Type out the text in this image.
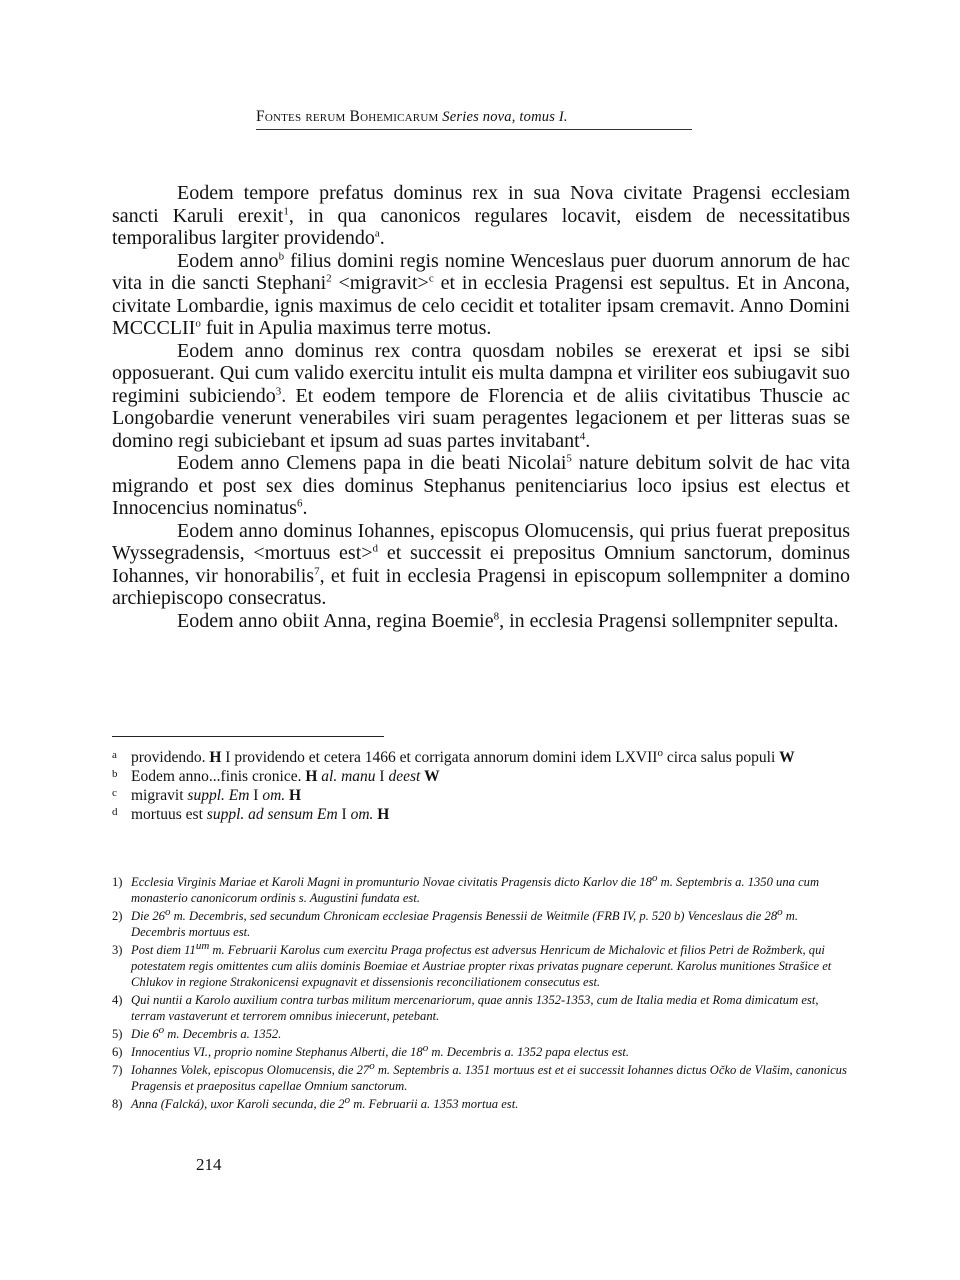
Fontes rerum Bohemicarum Series nova, tomus I.

Eodem tempore prefatus dominus rex in sua Nova civitate Pragensi ecclesiam sancti Karuli erexit$^1$, in qua canonicos regulares locavit, eisdem de necessitatibus temporalibus largiter providendo$^a$.

Eodem anno$^b$ filius domini regis nomine Wenceslaus puer duorum annorum de hac vita in die sancti Stephani$^2$ <migravit>$^c$ et in ecclesia Pragensi est sepultus. Et in Ancona, civitate Lombardie, ignis maximus de celo cecidit et totaliter ipsam cremavit. Anno Domini MCCCLII$^o$ fuit in Apulia maximus terre motus.

Eodem anno dominus rex contra quosdam nobiles se erexerat et ipsi se sibi opposuerant. Qui cum valido exercitu intulit eis multa dampna et viriliter eos subiugavit suo regimini subiciendo$^3$. Et eodem tempore de Florencia et de aliis civitatibus Thuscie ac Longobardie venerunt venerabiles viri suam peragentes legacionem et per litteras suas se domino regi subiciebant et ipsum ad suas partes invitabant$^4$.

Eodem anno Clemens papa in die beati Nicolai$^5$ nature debitum solvit de hac vita migrando et post sex dies dominus Stephanus penitenciarius loco ipsius est electus et Innocencius nominatus$^6$.

Eodem anno dominus Iohannes, episcopus Olomucensis, qui prius fuerat prepositus Wyssegradensis, <mortuus est>$^d$ et successit ei prepositus Omnium sanctorum, dominus Iohannes, vir honorabilis$^7$, et fuit in ecclesia Pragensi in episcopum sollempniter a domino archiepiscopo consecratus.

Eodem anno obiit Anna, regina Boemie$^8$, in ecclesia Pragensi sollempniter sepulta.

a providendo. H I providendo et cetera 1466 et corrigata annorum domini idem LXVII$^o$ circa salus populi W

b Eodem anno...finis cronice. H al. manu I deest W

c migravit suppl. Em I om. H

d mortuus est suppl. ad sensum Em I om. H

1) Ecclesia Virginis Mariae et Karoli Magni in promunturio Novae civitatis Pragensis dicto Karlov die 18$^o$ m. Septembris a. 1350 una cum monasterio canonicorum ordinis s. Augustini fundata est.

2) Die 26$^o$ m. Decembris, sed secundum Chronicam ecclesiae Pragensis Benessii de Weitmile (FRB IV, p. 520 b) Venceslaus die 28$^o$ m. Decembris mortuus est.

3) Post diem $11^{um}$ m. Februarii Karolus cum exercitu Praga profectus est adversus Henricum de Michalovic et filios Petri de Rožmberk, qui potestatem regis omittentes cum aliis dominis Boemiae et Austriae propter rixas privatas pugnare ceperunt. Karolus munitiones Strašice et Chlukov in regione Strakonicensi expugnavit et dissensionis reconciliationem consecutus est.

4) Qui nuntii a Karolo auxilium contra turbas militum mercenariorum, quae annis 1352-1353, cum de Italia media et Roma dimicatum est, terram vastaverunt et terrorem omnibus iniecerunt, petebant.

5) Die 6$^o$ m. Decembris a. 1352.

6) Innocentius VI., proprio nomine Stephanus Alberti, die 18$^o$ m. Decembris a. 1352 papa electus est.

7) Iohannes Volek, episcopus Olomucensis, die 27$^o$ m. Septembris a. 1351 mortuus est et ei successit Iohannes dictus Očko de Vlašim, canonicus Pragensis et praepositus capellae Omnium sanctorum.

8) Anna (Falcká), uxor Karoli secunda, die 2$^o$ m. Februarii a. 1353 mortua est.

214
